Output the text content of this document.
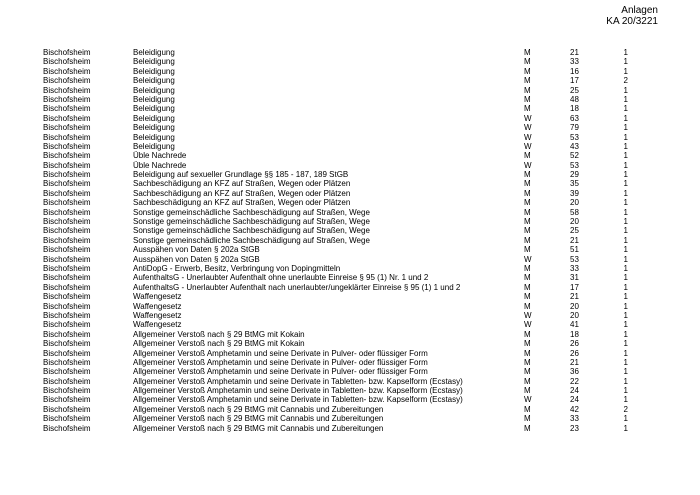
Anlagen
KA 20/3221
Bischofsheim	Beleidigung	M	21	1
Bischofsheim	Beleidigung	M	33	1
Bischofsheim	Beleidigung	M	16	1
Bischofsheim	Beleidigung	M	17	2
Bischofsheim	Beleidigung	M	25	1
Bischofsheim	Beleidigung	M	48	1
Bischofsheim	Beleidigung	M	18	1
Bischofsheim	Beleidigung	W	63	1
Bischofsheim	Beleidigung	W	79	1
Bischofsheim	Beleidigung	W	53	1
Bischofsheim	Beleidigung	W	43	1
Bischofsheim	Üble Nachrede	M	52	1
Bischofsheim	Üble Nachrede	W	53	1
Bischofsheim	Beleidigung auf sexueller Grundlage §§ 185 - 187, 189 StGB	M	29	1
Bischofsheim	Sachbeschädigung an KFZ auf Straßen, Wegen oder Plätzen	M	35	1
Bischofsheim	Sachbeschädigung an KFZ auf Straßen, Wegen oder Plätzen	M	39	1
Bischofsheim	Sachbeschädigung an KFZ auf Straßen, Wegen oder Plätzen	M	20	1
Bischofsheim	Sonstige gemeinschädliche Sachbeschädigung auf Straßen, Wege	M	58	1
Bischofsheim	Sonstige gemeinschädliche Sachbeschädigung auf Straßen, Wege	M	20	1
Bischofsheim	Sonstige gemeinschädliche Sachbeschädigung auf Straßen, Wege	M	25	1
Bischofsheim	Sonstige gemeinschädliche Sachbeschädigung auf Straßen, Wege	M	21	1
Bischofsheim	Ausspähen von Daten § 202a StGB	M	51	1
Bischofsheim	Ausspähen von Daten § 202a StGB	W	53	1
Bischofsheim	AntiDopG - Erwerb, Besitz, Verbringung von Dopingmitteln	M	33	1
Bischofsheim	AufenthaltsG - Unerlaubter Aufenthalt ohne unerlaubte Einreise § 95 (1) Nr. 1 und 2	M	31	1
Bischofsheim	AufenthaltsG - Unerlaubter Aufenthalt nach unerlaubter/ungeklärter Einreise § 95 (1) 1 und 2	M	17	1
Bischofsheim	Waffengesetz	M	21	1
Bischofsheim	Waffengesetz	M	20	1
Bischofsheim	Waffengesetz	W	20	1
Bischofsheim	Waffengesetz	W	41	1
Bischofsheim	Allgemeiner Verstoß nach § 29 BtMG mit Kokain	M	18	1
Bischofsheim	Allgemeiner Verstoß nach § 29 BtMG mit Kokain	M	26	1
Bischofsheim	Allgemeiner Verstoß Amphetamin und seine Derivate in Pulver- oder flüssiger Form	M	26	1
Bischofsheim	Allgemeiner Verstoß Amphetamin und seine Derivate in Pulver- oder flüssiger Form	M	21	1
Bischofsheim	Allgemeiner Verstoß Amphetamin und seine Derivate in Pulver- oder flüssiger Form	M	36	1
Bischofsheim	Allgemeiner Verstoß Amphetamin und seine Derivate in Tabletten- bzw. Kapselform (Ecstasy)	M	22	1
Bischofsheim	Allgemeiner Verstoß Amphetamin und seine Derivate in Tabletten- bzw. Kapselform (Ecstasy)	M	24	1
Bischofsheim	Allgemeiner Verstoß Amphetamin und seine Derivate in Tabletten- bzw. Kapselform (Ecstasy)	W	24	1
Bischofsheim	Allgemeiner Verstoß nach § 29 BtMG mit Cannabis und Zubereitungen	M	42	2
Bischofsheim	Allgemeiner Verstoß nach § 29 BtMG mit Cannabis und Zubereitungen	M	33	1
Bischofsheim	Allgemeiner Verstoß nach § 29 BtMG mit Cannabis und Zubereitungen	M	23	1
